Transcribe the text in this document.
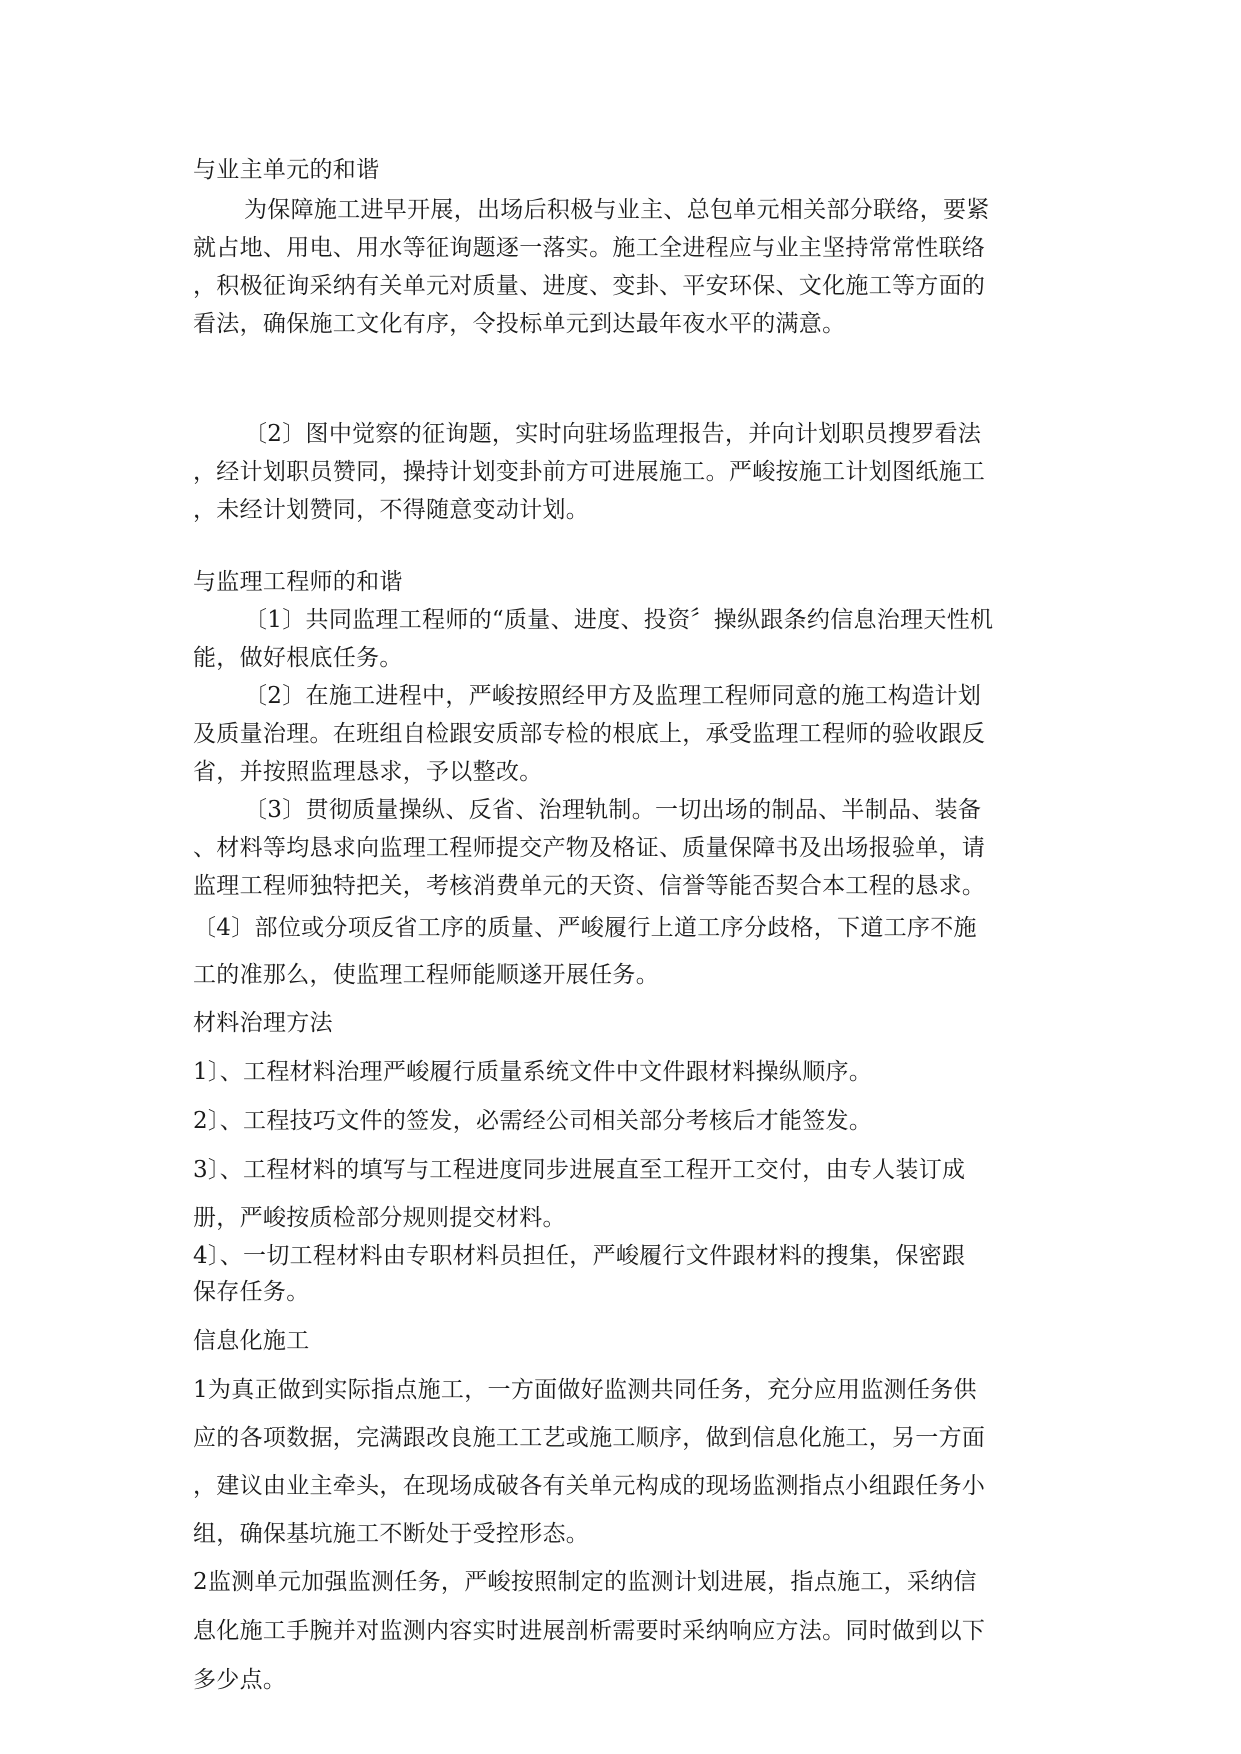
与业主单元的和谐
为保障施工进早开展，出场后积极与业主、总包单元相关部分联络，要紧
就占地、用电、用水等征询题逐一落实。施工全进程应与业主坚持常常性联络
，积极征询采纳有关单元对质量、进度、变卦、平安环保、文化施工等方面的
看法，确保施工文化有序，令投标单元到达最年夜水平的满意。
〔2〕图中觉察的征询题，实时向驻场监理报告，并向计划职员搜罗看法
，经计划职员赞同，操持计划变卦前方可进展施工。严峻按施工计划图纸施工
，未经计划赞同，不得随意变动计划。
与监理工程师的和谐
〔1〕共同监理工程师的“质量、进度、投资〞操纵跟条约信息治理天性机
能，做好根底任务。
〔2〕在施工进程中，严峻按照经甲方及监理工程师同意的施工构造计划
及质量治理。在班组自检跟安质部专检的根底上，承受监理工程师的验收跟反
省，并按照监理恳求，予以整改。
〔3〕贯彻质量操纵、反省、治理轨制。一切出场的制品、半制品、装备
、材料等均恳求向监理工程师提交产物及格证、质量保障书及出场报验单，请
监理工程师独特把关，考核消费单元的天资、信誉等能否契合本工程的恳求。
〔4〕部位或分项反省工序的质量、严峻履行上道工序分歧格，下道工序不施
工的准那么，使监理工程师能顺遂开展任务。
材料治理方法
1〕、工程材料治理严峻履行质量系统文件中文件跟材料操纵顺序。
2〕、工程技巧文件的签发，必需经公司相关部分考核后才能签发。
3〕、工程材料的填写与工程进度同步进展直至工程开工交付，由专人装订成
册，严峻按质检部分规则提交材料。
4〕、一切工程材料由专职材料员担任，严峻履行文件跟材料的搜集，保密跟
保存任务。
信息化施工
1为真正做到实际指点施工，一方面做好监测共同任务，充分应用监测任务供
应的各项数据，完满跟改良施工工艺或施工顺序，做到信息化施工，另一方面
，建议由业主牵头，在现场成破各有关单元构成的现场监测指点小组跟任务小
组，确保基坑施工不断处于受控形态。
2监测单元加强监测任务，严峻按照制定的监测计划进展，指点施工，采纳信
息化施工手腕并对监测内容实时进展剖析需要时采纳响应方法。同时做到以下
多少点。
